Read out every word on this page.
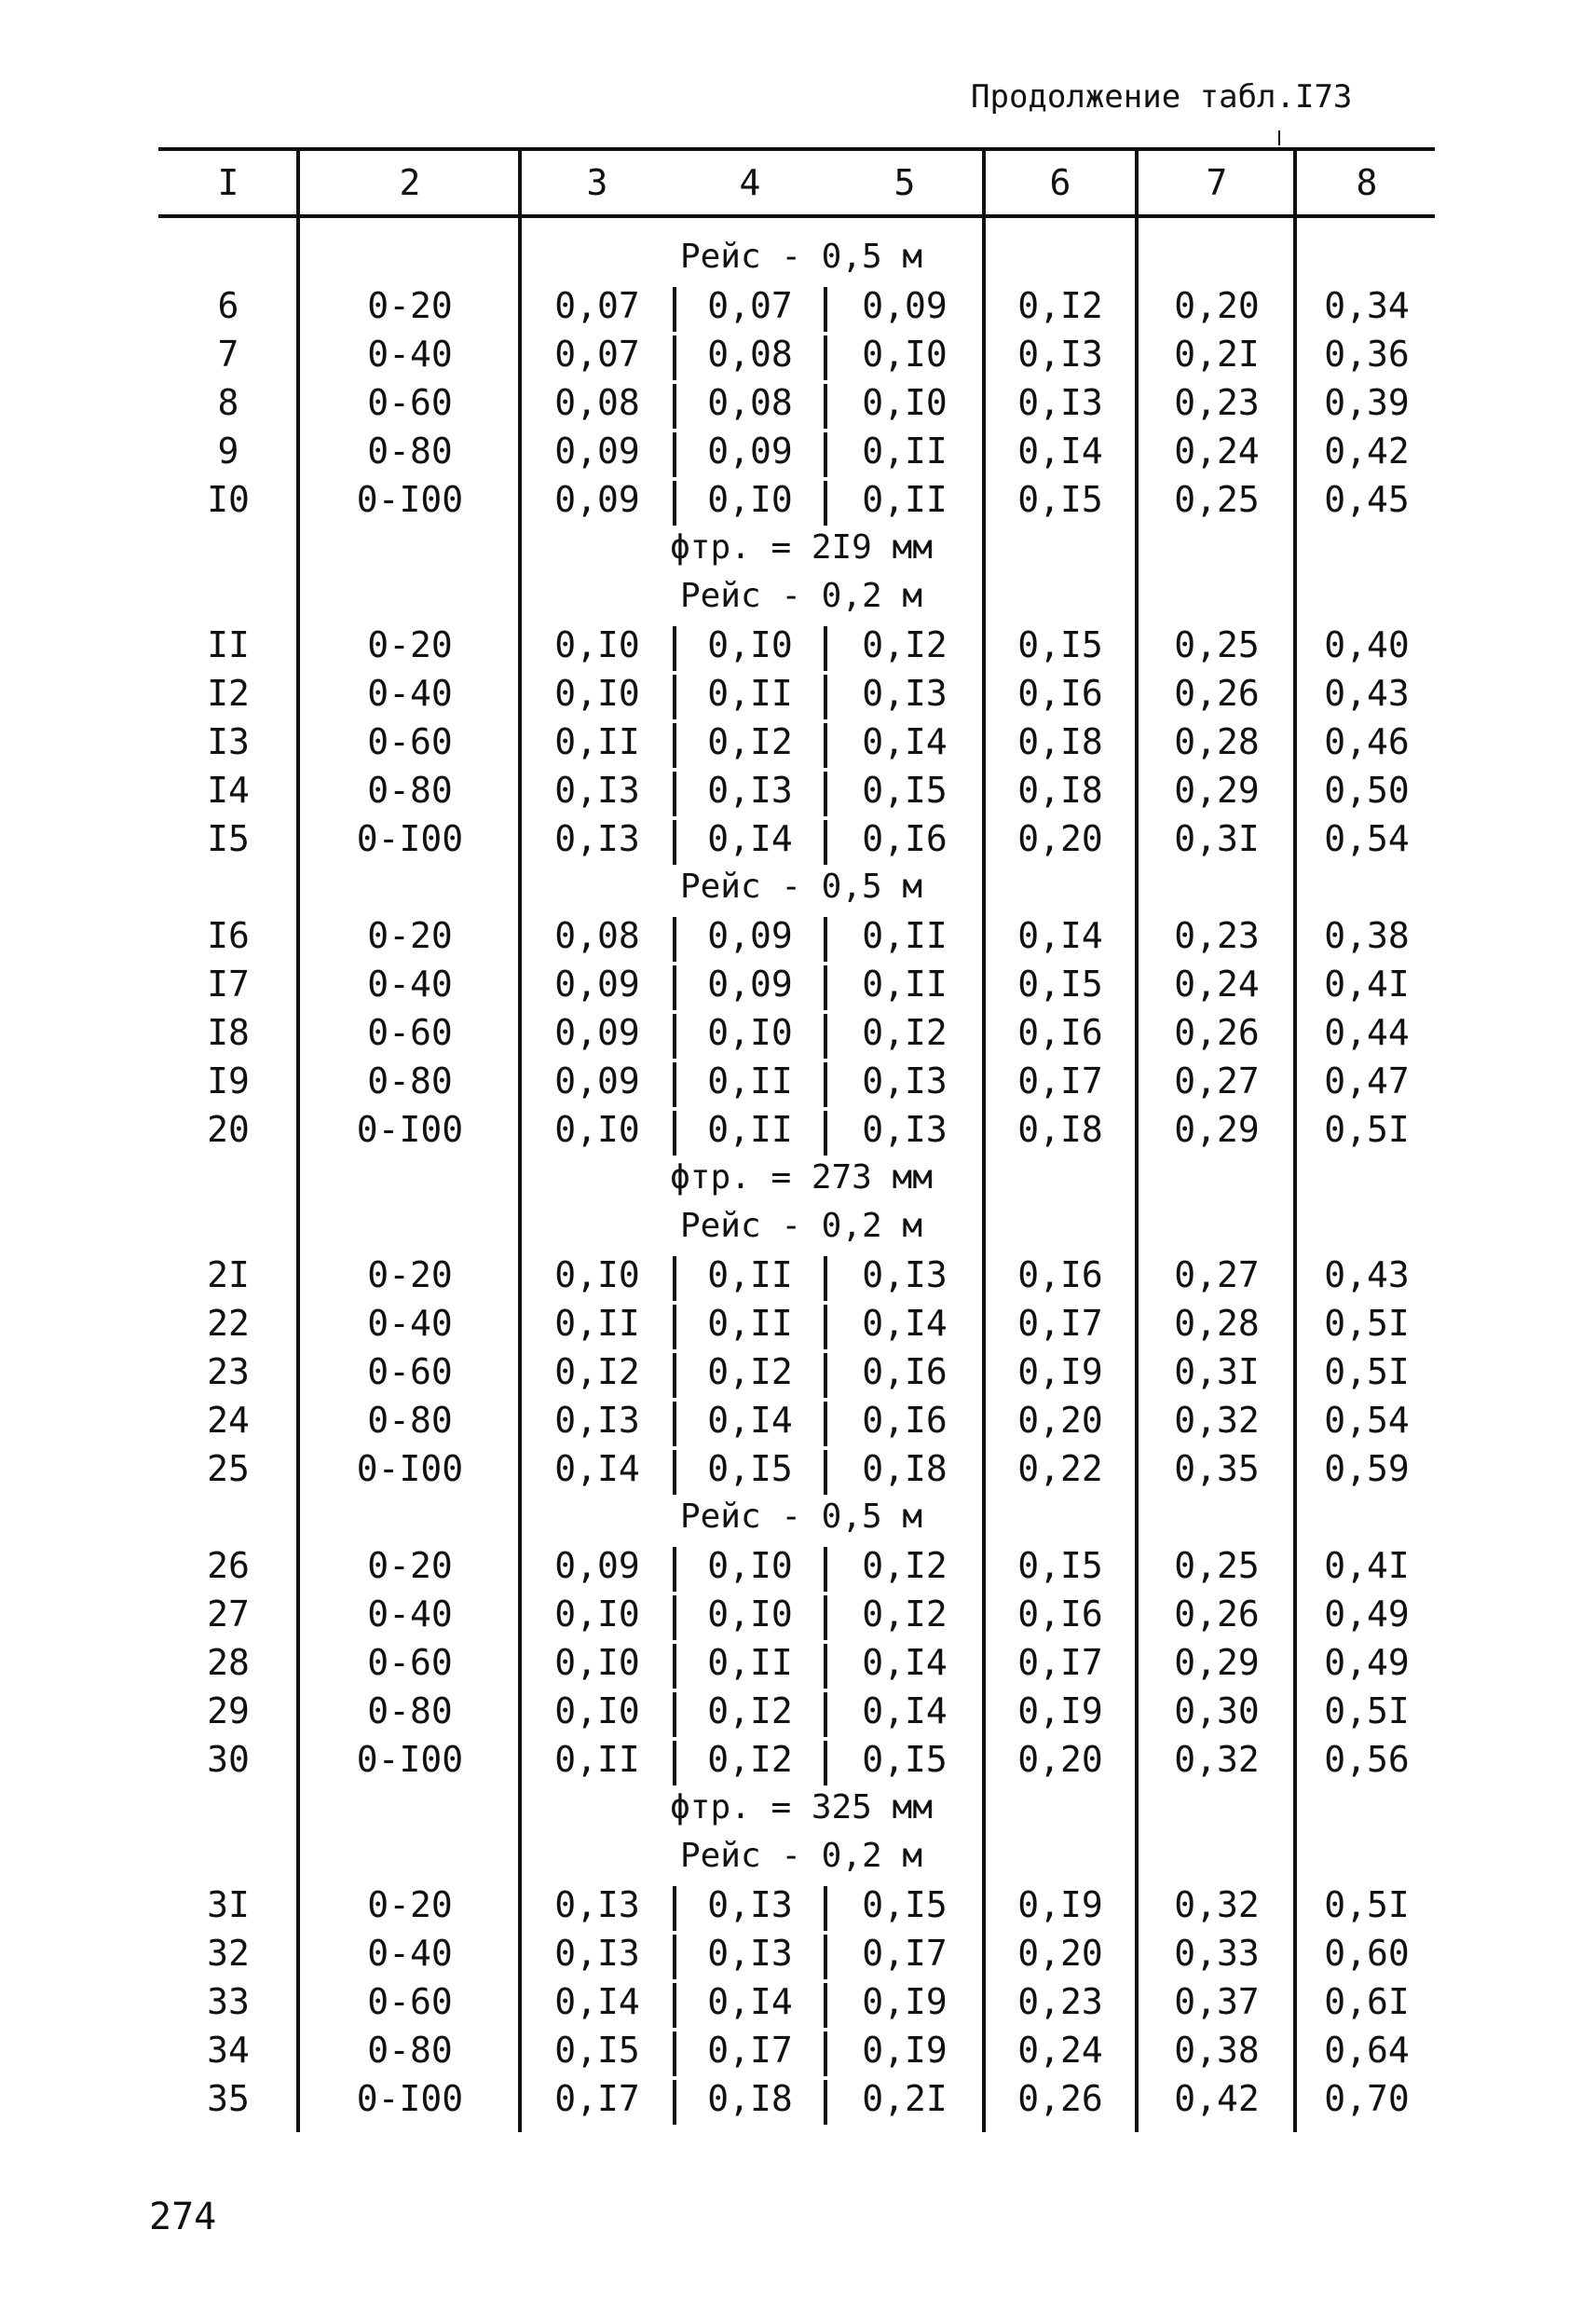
Продолжение табл.I73
I	2	3	4	5	6	7	8
Рейс - 0,5 м
6	0-20	0,07	0,07	0,09	0,I2	0,20	0,34
7	0-40	0,07	0,08	0,I0	0,I3	0,2I	0,36
8	0-60	0,08	0,08	0,I0	0,I3	0,23	0,39
9	0-80	0,09	0,09	0,II	0,I4	0,24	0,42
I0	0-I00	0,09	0,I0	0,II	0,I5	0,25	0,45
ϕтр. = 2I9 мм
Рейс - 0,2 м
II	0-20	0,I0	0,I0	0,I2	0,I5	0,25	0,40
I2	0-40	0,I0	0,II	0,I3	0,I6	0,26	0,43
I3	0-60	0,II	0,I2	0,I4	0,I8	0,28	0,46
I4	0-80	0,I3	0,I3	0,I5	0,I8	0,29	0,50
I5	0-I00	0,I3	0,I4	0,I6	0,20	0,3I	0,54
Рейс - 0,5 м
I6	0-20	0,08	0,09	0,II	0,I4	0,23	0,38
I7	0-40	0,09	0,09	0,II	0,I5	0,24	0,4I
I8	0-60	0,09	0,I0	0,I2	0,I6	0,26	0,44
I9	0-80	0,09	0,II	0,I3	0,I7	0,27	0,47
20	0-I00	0,I0	0,II	0,I3	0,I8	0,29	0,5I
ϕтр. = 273 мм
Рейс - 0,2 м
2I	0-20	0,I0	0,II	0,I3	0,I6	0,27	0,43
22	0-40	0,II	0,II	0,I4	0,I7	0,28	0,5I
23	0-60	0,I2	0,I2	0,I6	0,I9	0,3I	0,5I
24	0-80	0,I3	0,I4	0,I6	0,20	0,32	0,54
25	0-I00	0,I4	0,I5	0,I8	0,22	0,35	0,59
Рейс - 0,5 м
26	0-20	0,09	0,I0	0,I2	0,I5	0,25	0,4I
27	0-40	0,I0	0,I0	0,I2	0,I6	0,26	0,49
28	0-60	0,I0	0,II	0,I4	0,I7	0,29	0,49
29	0-80	0,I0	0,I2	0,I4	0,I9	0,30	0,5I
30	0-I00	0,II	0,I2	0,I5	0,20	0,32	0,56
ϕтр. = 325 мм
Рейс - 0,2 м
3I	0-20	0,I3	0,I3	0,I5	0,I9	0,32	0,5I
32	0-40	0,I3	0,I3	0,I7	0,20	0,33	0,60
33	0-60	0,I4	0,I4	0,I9	0,23	0,37	0,6I
34	0-80	0,I5	0,I7	0,I9	0,24	0,38	0,64
35	0-I00	0,I7	0,I8	0,2I	0,26	0,42	0,70
274
